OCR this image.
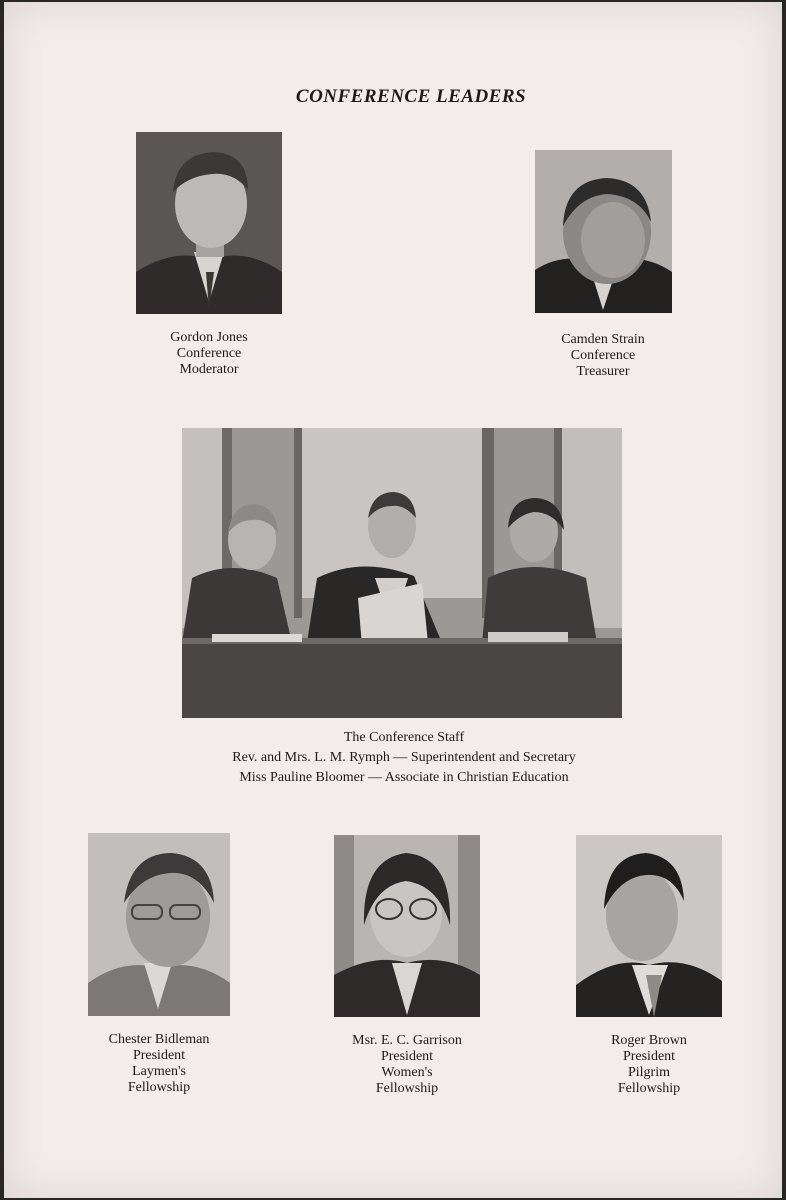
CONFERENCE LEADERS
Gordon Jones
Conference
Moderator
Camden Strain
Conference
Treasurer
The Conference Staff
Rev. and Mrs. L. M. Rymph — Superintendent and Secretary
Miss Pauline Bloomer — Associate in Christian Education
Chester Bidleman
President
Laymen's
Fellowship
Msr. E. C. Garrison
President
Women's
Fellowship
Roger Brown
President
Pilgrim
Fellowship
